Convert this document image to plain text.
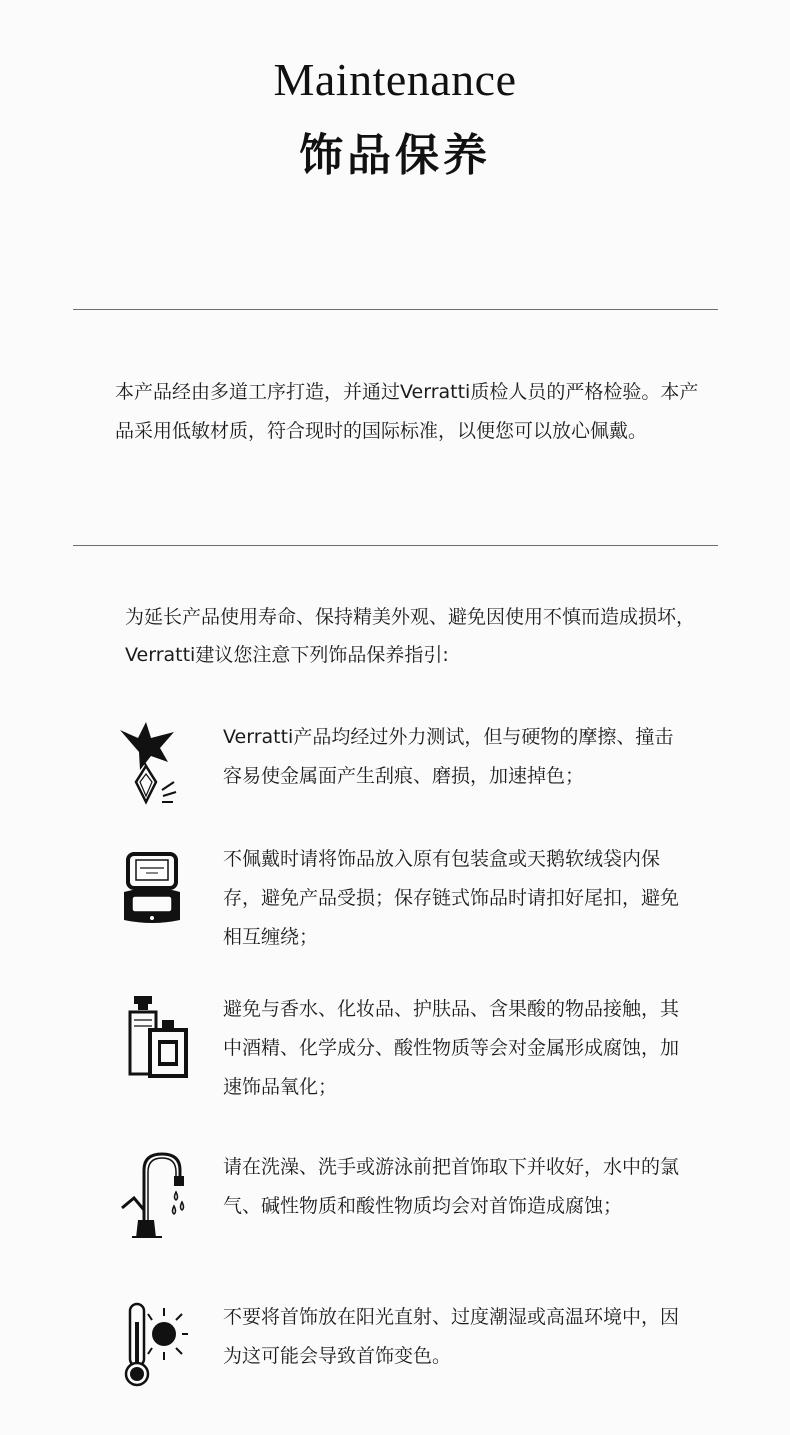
Maintenance
饰品保养

本产品经由多道工序打造，并通过Verratti质检人员的严格检验。本产品采用低敏材质，符合现时的国际标准，以便您可以放心佩戴。

为延长产品使用寿命、保持精美外观、避免因使用不慎而造成损坏，Verratti建议您注意下列饰品保养指引:

Verratti产品均经过外力测试，但与硬物的摩擦、撞击容易使金属面产生刮痕、磨损，加速掉色；

不佩戴时请将饰品放入原有包装盒或天鹅软绒袋内保存，避免产品受损；保存链式饰品时请扣好尾扣，避免相互缠绕；

避免与香水、化妆品、护肤品、含果酸的物品接触，其中酒精、化学成分、酸性物质等会对金属形成腐蚀，加速饰品氧化；

请在洗澡、洗手或游泳前把首饰取下并收好，水中的氯气、碱性物质和酸性物质均会对首饰造成腐蚀；

不要将首饰放在阳光直射、过度潮湿或高温环境中，因为这可能会导致首饰变色。
